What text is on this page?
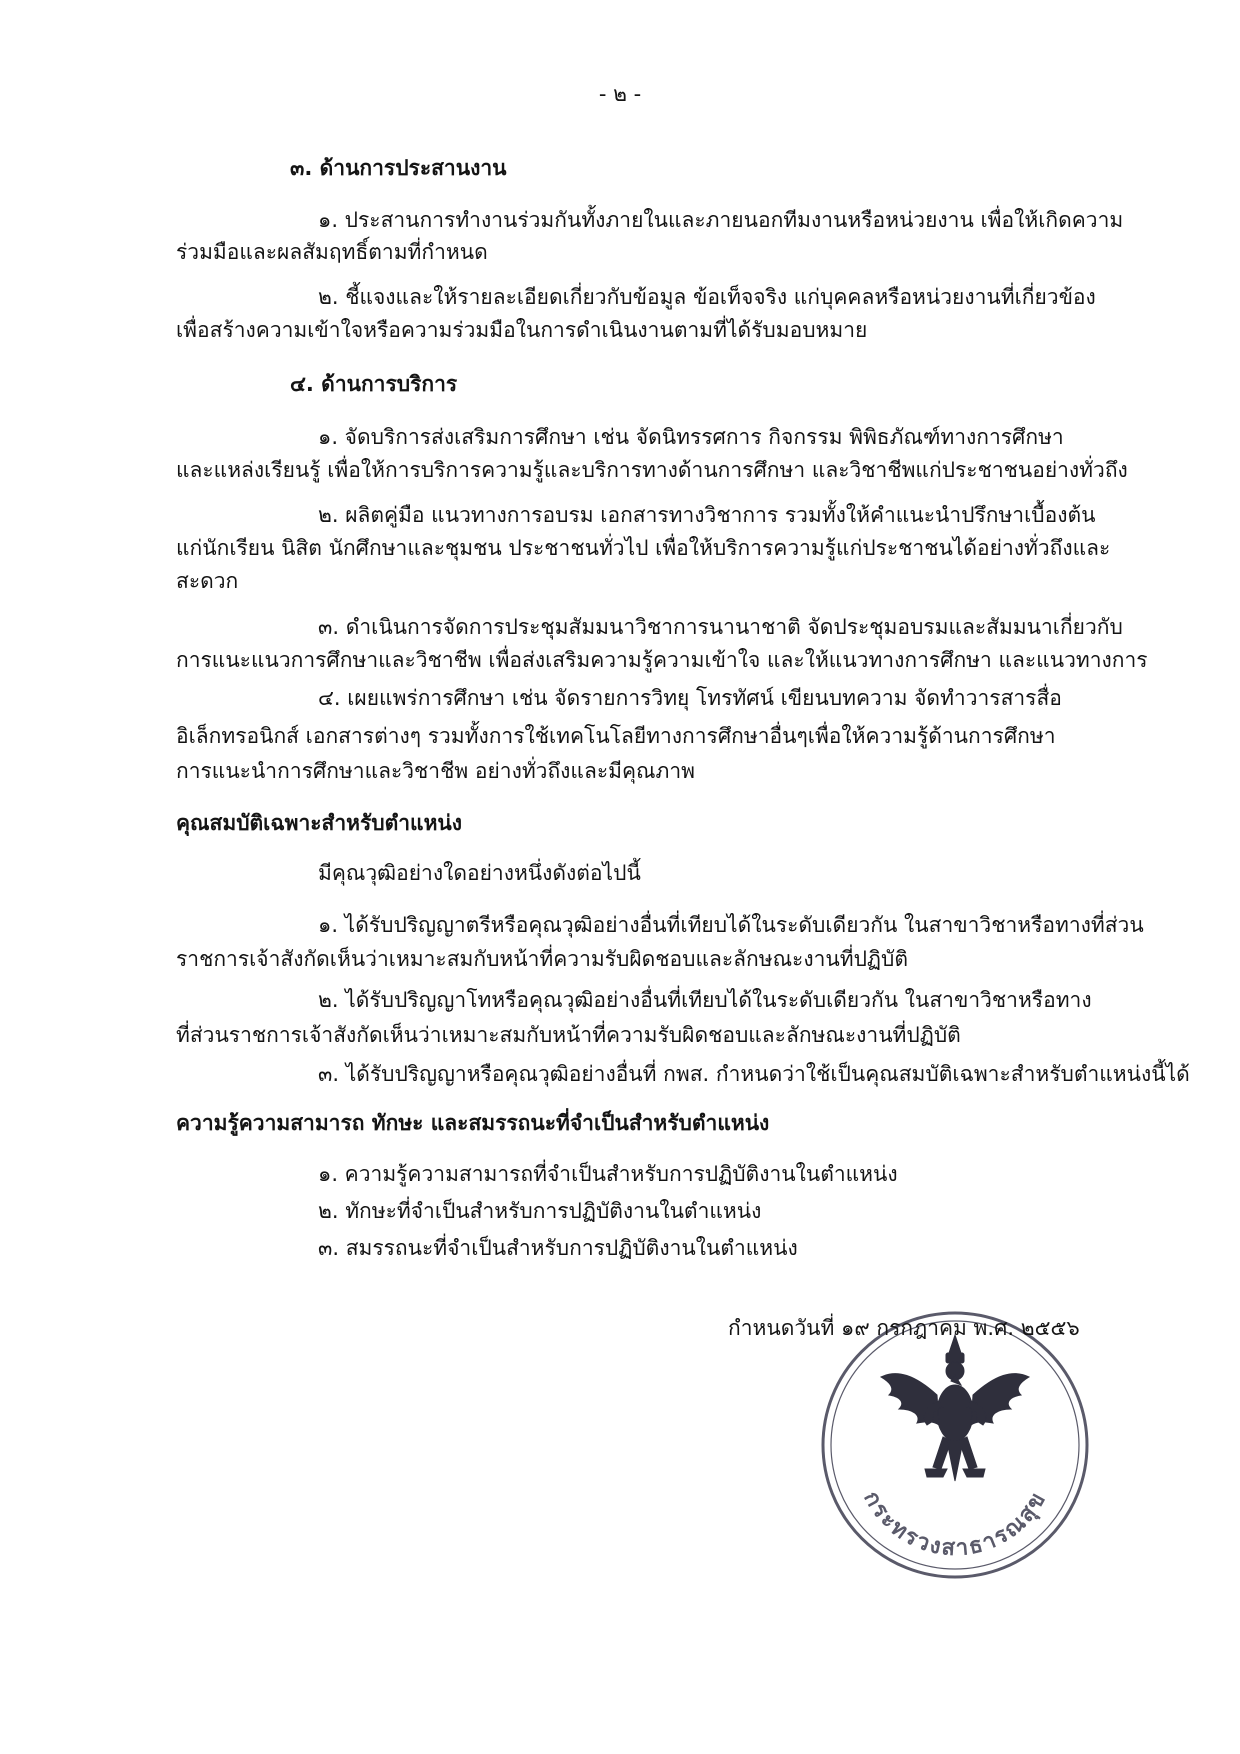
- ๒ -
๓. ด้านการประสานงาน
๑. ประสานการทำงานร่วมกันทั้งภายในและภายนอกทีมงานหรือหน่วยงาน เพื่อให้เกิดความ
ร่วมมือและผลสัมฤทธิ์ตามที่กำหนด
๒. ชี้แจงและให้รายละเอียดเกี่ยวกับข้อมูล ข้อเท็จจริง แก่บุคคลหรือหน่วยงานที่เกี่ยวข้อง
เพื่อสร้างความเข้าใจหรือความร่วมมือในการดำเนินงานตามที่ได้รับมอบหมาย
๔. ด้านการบริการ
๑. จัดบริการส่งเสริมการศึกษา เช่น จัดนิทรรศการ กิจกรรม พิพิธภัณฑ์ทางการศึกษา
และแหล่งเรียนรู้ เพื่อให้การบริการความรู้และบริการทางด้านการศึกษา และวิชาชีพแก่ประชาชนอย่างทั่วถึง
๒. ผลิตคู่มือ แนวทางการอบรม เอกสารทางวิชาการ รวมทั้งให้คำแนะนำปรึกษาเบื้องต้น
แก่นักเรียน นิสิต นักศึกษาและชุมชน ประชาชนทั่วไป เพื่อให้บริการความรู้แก่ประชาชนได้อย่างทั่วถึงและ
สะดวก
๓. ดำเนินการจัดการประชุมสัมมนาวิชาการนานาชาติ จัดประชุมอบรมและสัมมนาเกี่ยวกับ
การแนะแนวการศึกษาและวิชาชีพ เพื่อส่งเสริมความรู้ความเข้าใจ และให้แนวทางการศึกษา และแนวทางการ
๔. เผยแพร่การศึกษา เช่น จัดรายการวิทยุ โทรทัศน์ เขียนบทความ จัดทำวารสารสื่อ
อิเล็กทรอนิกส์ เอกสารต่างๆ รวมทั้งการใช้เทคโนโลยีทางการศึกษาอื่นๆเพื่อให้ความรู้ด้านการศึกษา
การแนะนำการศึกษาและวิชาชีพ อย่างทั่วถึงและมีคุณภาพ
คุณสมบัติเฉพาะสำหรับตำแหน่ง
มีคุณวุฒิอย่างใดอย่างหนึ่งดังต่อไปนี้
๑. ได้รับปริญญาตรีหรือคุณวุฒิอย่างอื่นที่เทียบได้ในระดับเดียวกัน ในสาขาวิชาหรือทางที่ส่วน
ราชการเจ้าสังกัดเห็นว่าเหมาะสมกับหน้าที่ความรับผิดชอบและลักษณะงานที่ปฏิบัติ
๒. ได้รับปริญญาโทหรือคุณวุฒิอย่างอื่นที่เทียบได้ในระดับเดียวกัน ในสาขาวิชาหรือทาง
ที่ส่วนราชการเจ้าสังกัดเห็นว่าเหมาะสมกับหน้าที่ความรับผิดชอบและลักษณะงานที่ปฏิบัติ
๓. ได้รับปริญญาหรือคุณวุฒิอย่างอื่นที่ กพส. กำหนดว่าใช้เป็นคุณสมบัติเฉพาะสำหรับตำแหน่งนี้ได้
ความรู้ความสามารถ ทักษะ และสมรรถนะที่จำเป็นสำหรับตำแหน่ง
๑. ความรู้ความสามารถที่จำเป็นสำหรับการปฏิบัติงานในตำแหน่ง
๒. ทักษะที่จำเป็นสำหรับการปฏิบัติงานในตำแหน่ง
๓. สมรรถนะที่จำเป็นสำหรับการปฏิบัติงานในตำแหน่ง
กระทรวงสาธารณสุข
กำหนดวันที่ ๑๙ กรกฎาคม พ.ศ. ๒๕๕๖
